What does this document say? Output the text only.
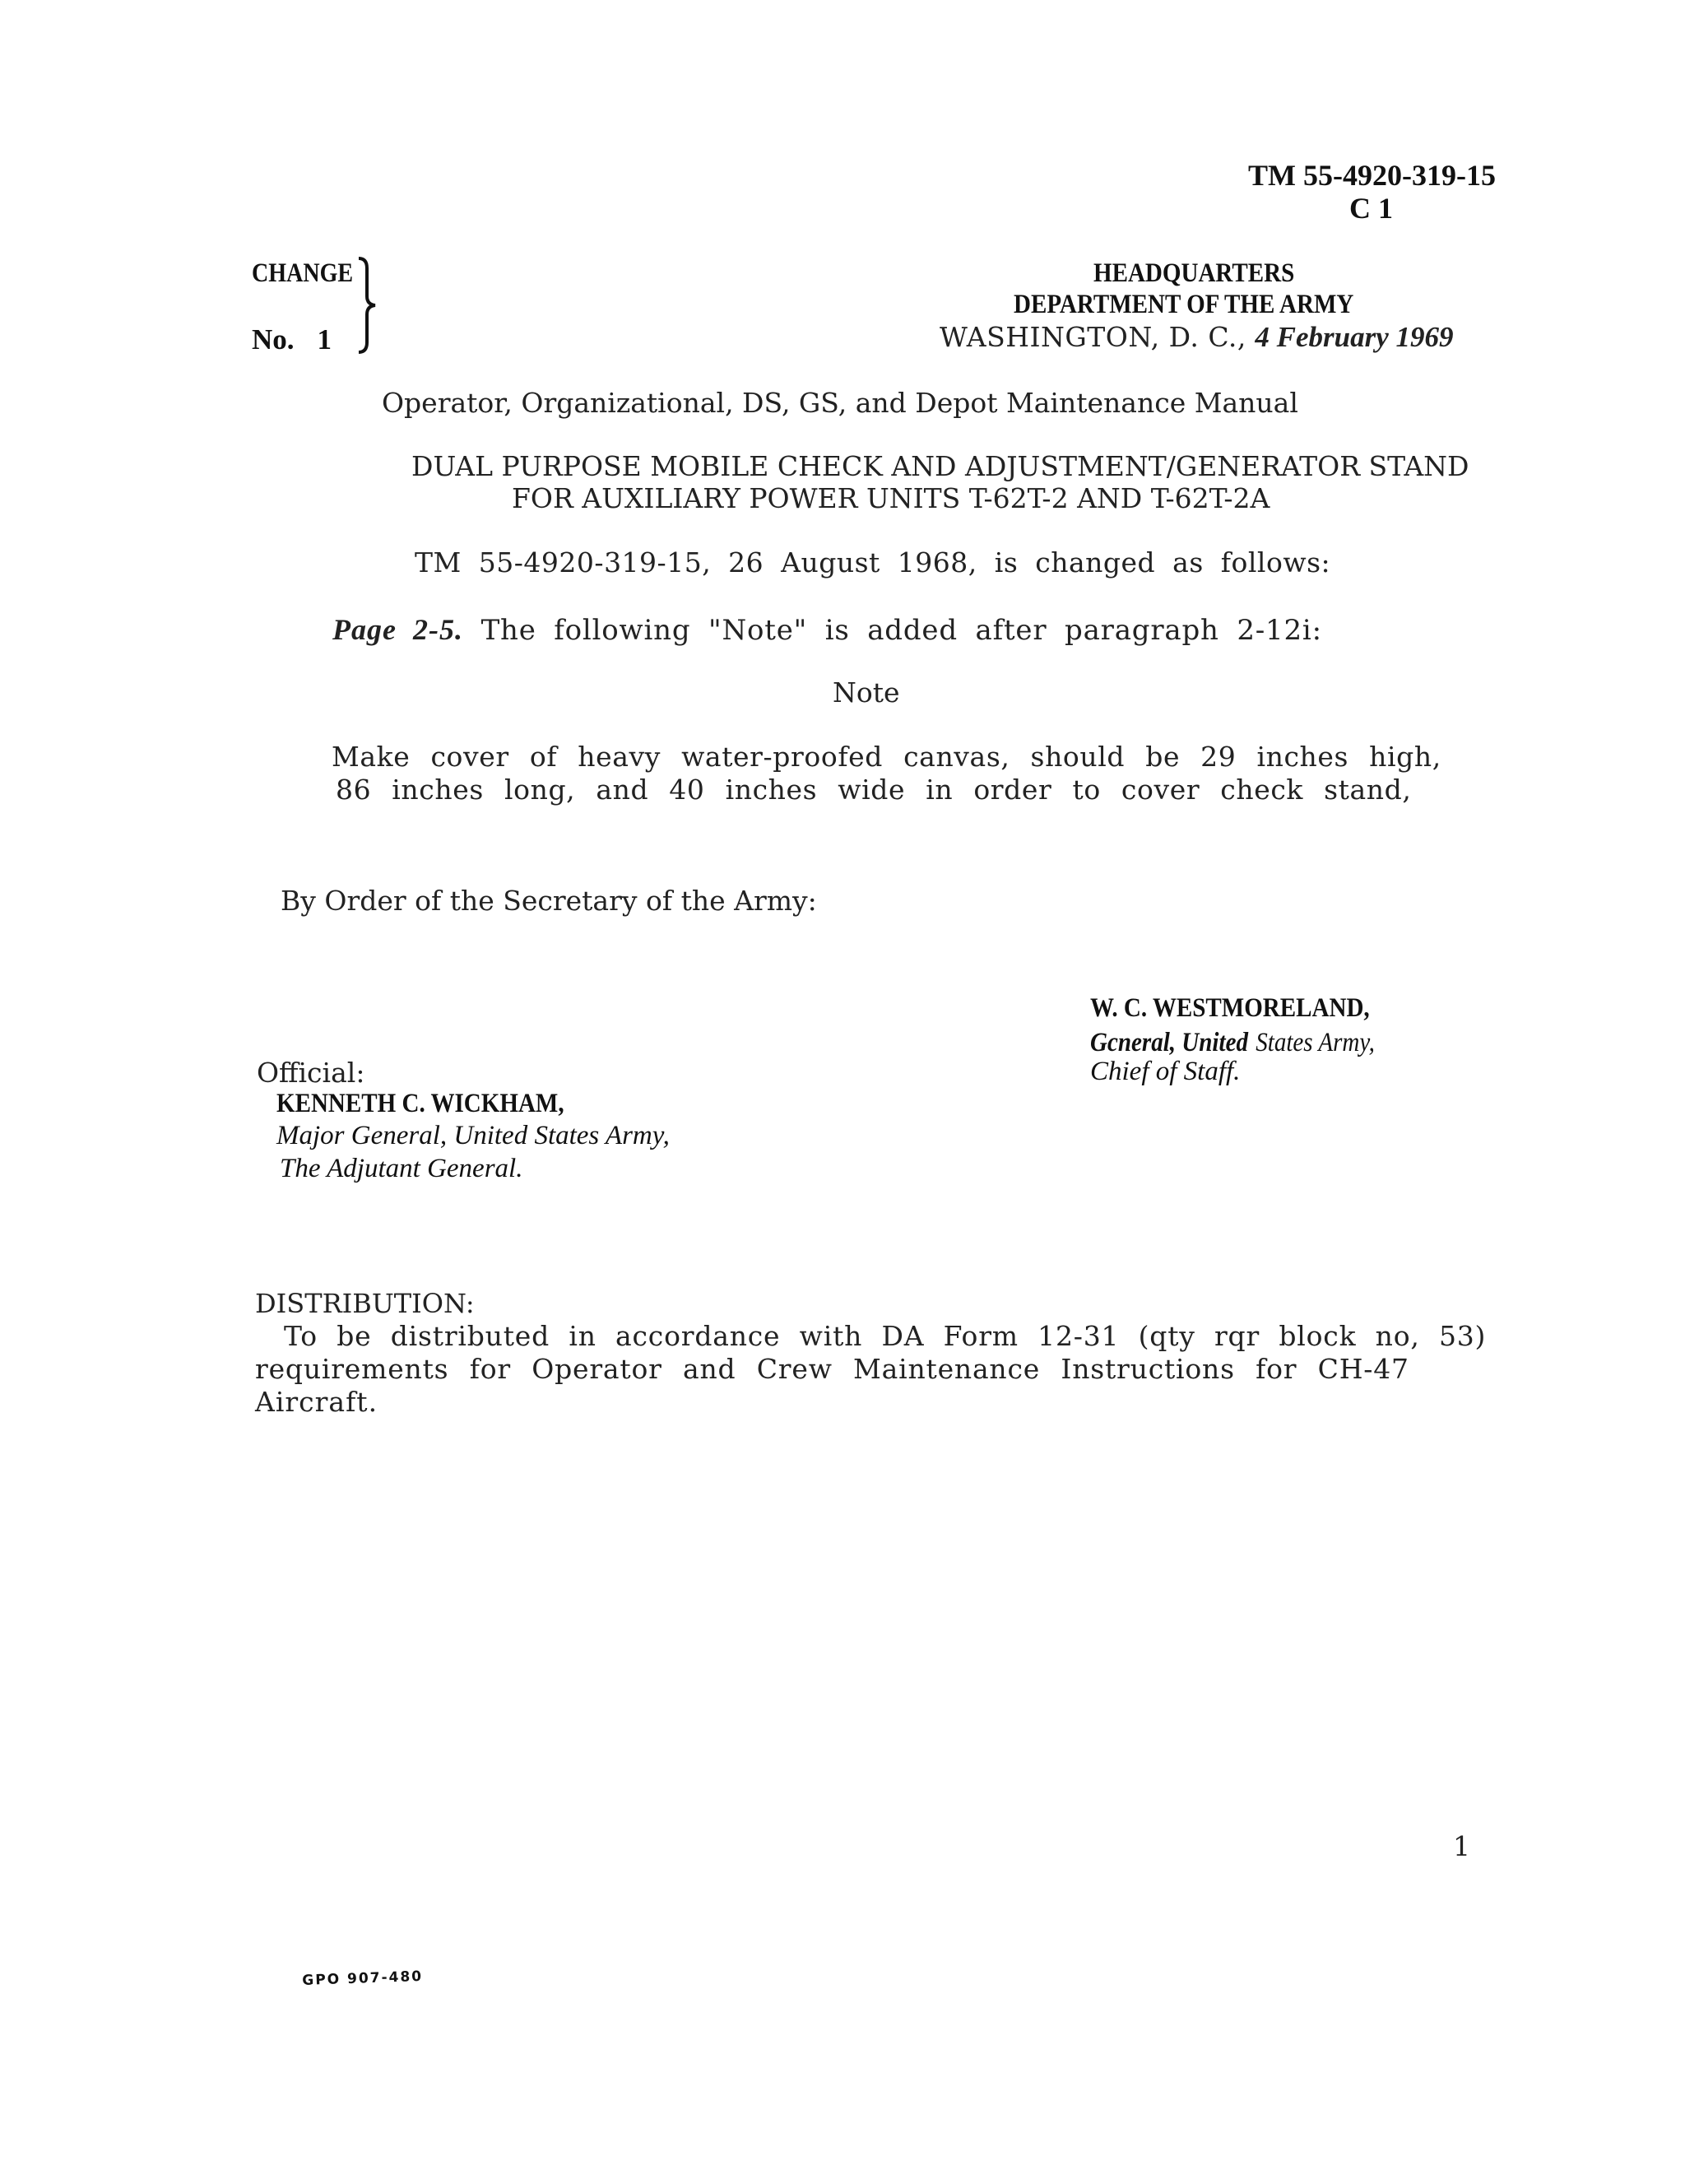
TM 55-4920-319-15
C 1
CHANGE
No. 1
HEADQUARTERS
DEPARTMENT OF THE ARMY
WASHINGTON, D. C., 4 February 1969
Operator, Organizational, DS, GS, and Depot Maintenance Manual
DUAL PURPOSE MOBILE CHECK AND ADJUSTMENT/GENERATOR STAND
FOR AUXILIARY POWER UNITS T-62T-2 AND T-62T-2A
TM 55-4920-319-15, 26 August 1968, is changed as follows:
Page 2-5. The following "Note" is added after paragraph 2-12i:
Note
Make cover of heavy water-proofed canvas, should be 29 inches high,
86 inches long, and 40 inches wide in order to cover check stand,
By Order of the Secretary of the Army:
W. C. WESTMORELAND,
Gcneral, United States Army,
Chief of Staff.
Official:
KENNETH C. WICKHAM,
Major General, United States Army,
The Adjutant General.
DISTRIBUTION:
To be distributed in accordance with DA Form 12-31 (qty rqr block no, 53)
requirements for Operator and Crew Maintenance Instructions for CH-47
Aircraft.
1
GPO 907-480
